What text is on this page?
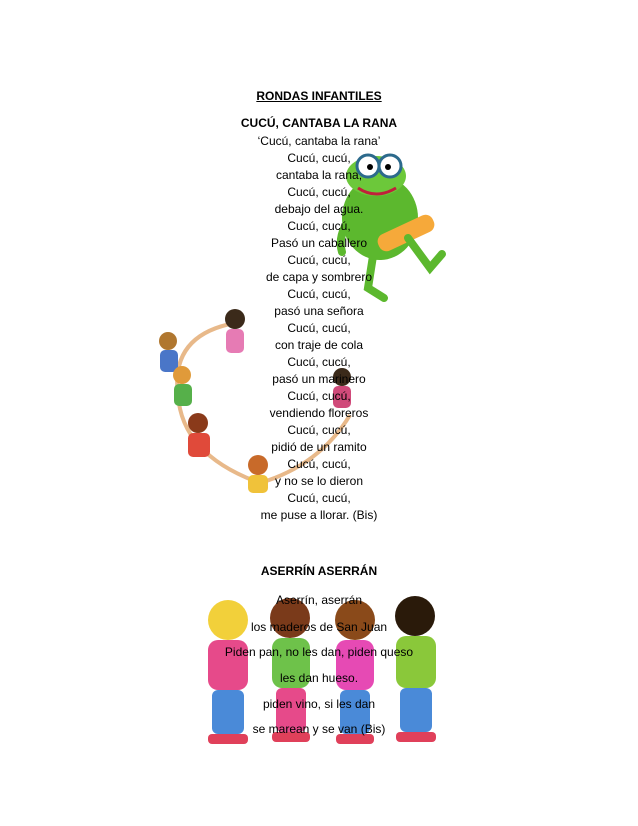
RONDAS INFANTILES
CUCÚ, CANTABA LA RANA
‘Cucú, cantaba la rana’
Cucú, cucú,
cantaba la rana,
Cucú, cucú,
debajo del agua.
Cucú, cucú,
Pasó un caballero
Cucú, cucú,
de capa y sombrero
Cucú, cucú,
pasó una señora
Cucú, cucú,
con traje de cola
Cucú, cucú,
pasó un marinero
Cucú, cucú,
vendiendo floreros
Cucú, cucú,
pidió de un ramito
Cucú, cucú,
y no se lo dieron
Cucú, cucú,
me puse a llorar. (Bis)
ASERRÍN ASERRÁN
Aserrín, aserrán
los maderos de San Juan
Piden pan, no les dan, piden queso
les dan hueso.
piden vino, si les dan
se marean y se van (Bis)
